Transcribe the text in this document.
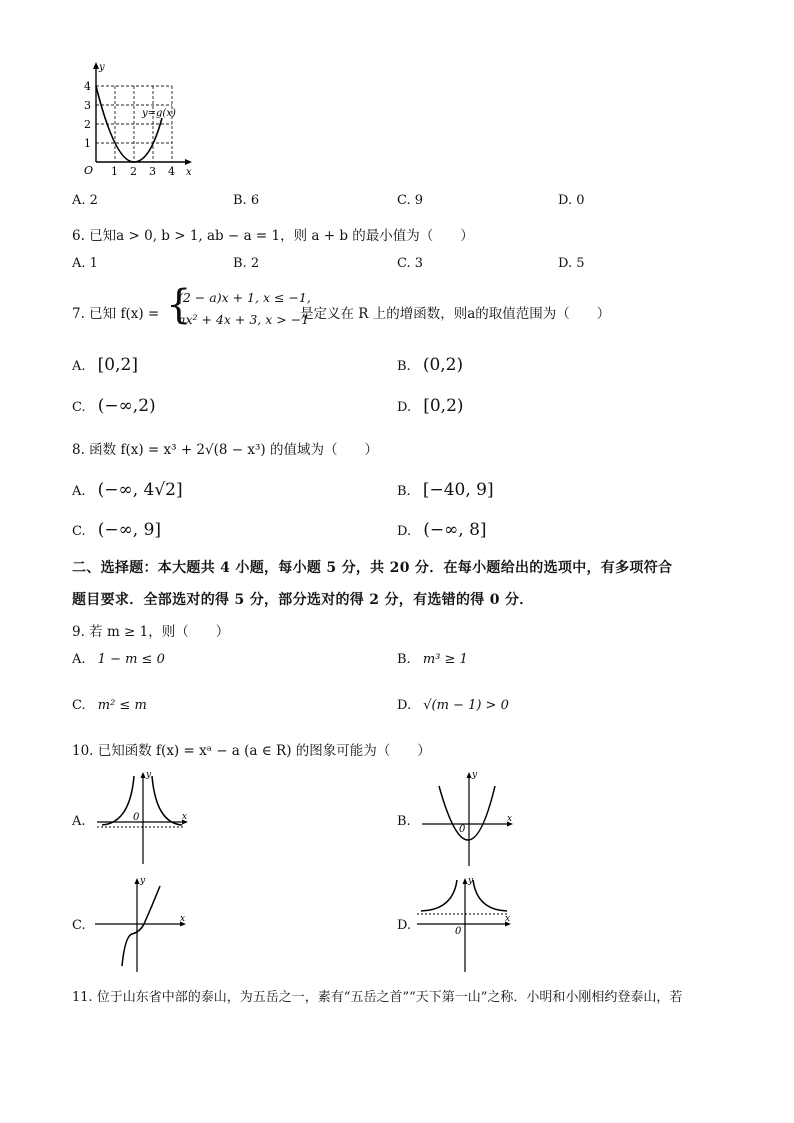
y
x
O
y=g(x)
1 2 3 4
1
2
3
4
A. 2	B. 6	C. 9	D. 0
6. 已知a > 0, b > 1, ab − a = 1，则 a + b 的最小值为（　　）
A. 1	B. 2	C. 3	D. 5
7. 已知 f(x) = {
(2 − a)x + 1, x ≤ −1,
ax² + 4x + 3, x > −1
是定义在 R 上的增函数，则a的取值范围为（　　）
A. [0,2]	B. (0,2)
C. (−∞,2)	D. [0,2)
8. 函数 f(x) = x³ + 2√(8 − x³) 的值域为（　　）
A. (−∞, 4√2]	B. [−40, 9]
C. (−∞, 9]	D. (−∞, 8]
二、选择题：本大题共 4 小题，每小题 5 分，共 20 分．在每小题给出的选项中，有多项符合
题目要求．全部选对的得 5 分，部分选对的得 2 分，有选错的得 0 分．
9. 若 m ≥ 1，则（　　）
A. 1 − m ≤ 0	B. m³ ≥ 1
C. m² ≤ m	D. √(m − 1) > 0
10. 已知函数 f(x) = xᵃ − a (a ∈ R) 的图象可能为（　　）
A.
y
x
0	B.
y
x
0
C.
y
x	D.
y
x
0
11. 位于山东省中部的泰山，为五岳之一，素有“五岳之首”“天下第一山”之称．小明和小刚相约登泰山，若
